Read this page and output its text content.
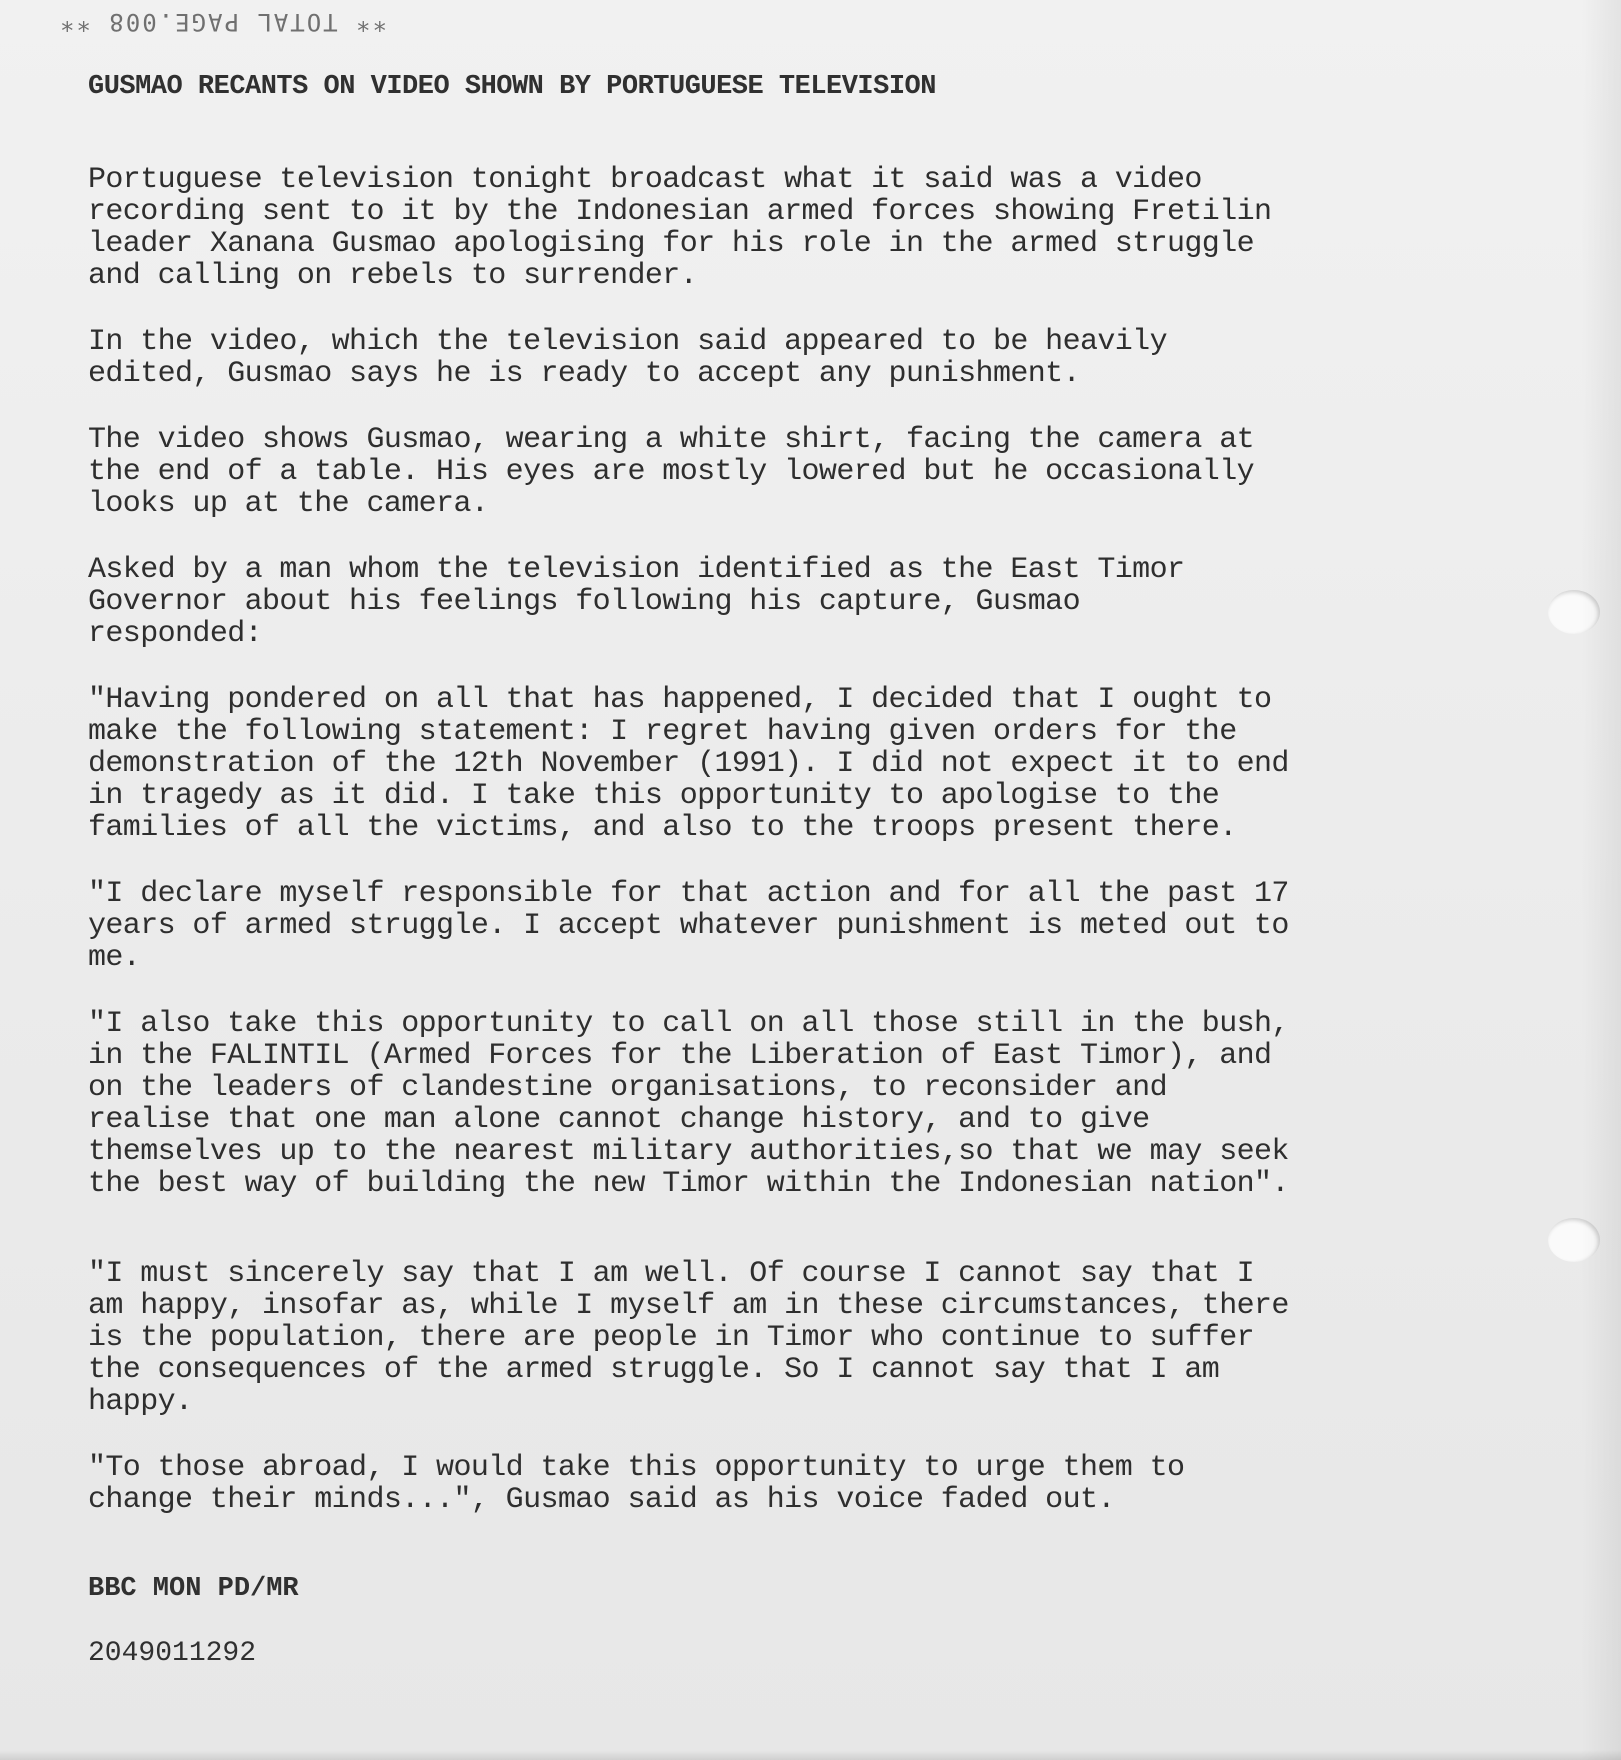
** TOTAL PAGE.008 **
GUSMAO RECANTS ON VIDEO SHOWN BY PORTUGUESE TELEVISION
Portuguese television tonight broadcast what it said was a video
recording sent to it by the Indonesian armed forces showing Fretilin
leader Xanana Gusmao apologising for his role in the armed struggle
and calling on rebels to surrender.
In the video, which the television said appeared to be heavily
edited, Gusmao says he is ready to accept any punishment.
The video shows Gusmao, wearing a white shirt, facing the camera at
the end of a table. His eyes are mostly lowered but he occasionally
looks up at the camera.
Asked by a man whom the television identified as the East Timor
Governor about his feelings following his capture, Gusmao
responded:
"Having pondered on all that has happened, I decided that I ought to
make the following statement: I regret having given orders for the
demonstration of the 12th November (1991). I did not expect it to end
in tragedy as it did. I take this opportunity to apologise to the
families of all the victims, and also to the troops present there.
"I declare myself responsible for that action and for all the past 17
years of armed struggle. I accept whatever punishment is meted out to
me.
"I also take this opportunity to call on all those still in the bush,
in the FALINTIL (Armed Forces for the Liberation of East Timor), and
on the leaders of clandestine organisations, to reconsider and
realise that one man alone cannot change history, and to give
themselves up to the nearest military authorities,so that we may seek
the best way of building the new Timor within the Indonesian nation".
"I must sincerely say that I am well. Of course I cannot say that I
am happy, insofar as, while I myself am in these circumstances, there
is the population, there are people in Timor who continue to suffer
the consequences of the armed struggle. So I cannot say that I am
happy.
"To those abroad, I would take this opportunity to urge them to
change their minds...", Gusmao said as his voice faded out.
BBC MON PD/MR
2049011292
